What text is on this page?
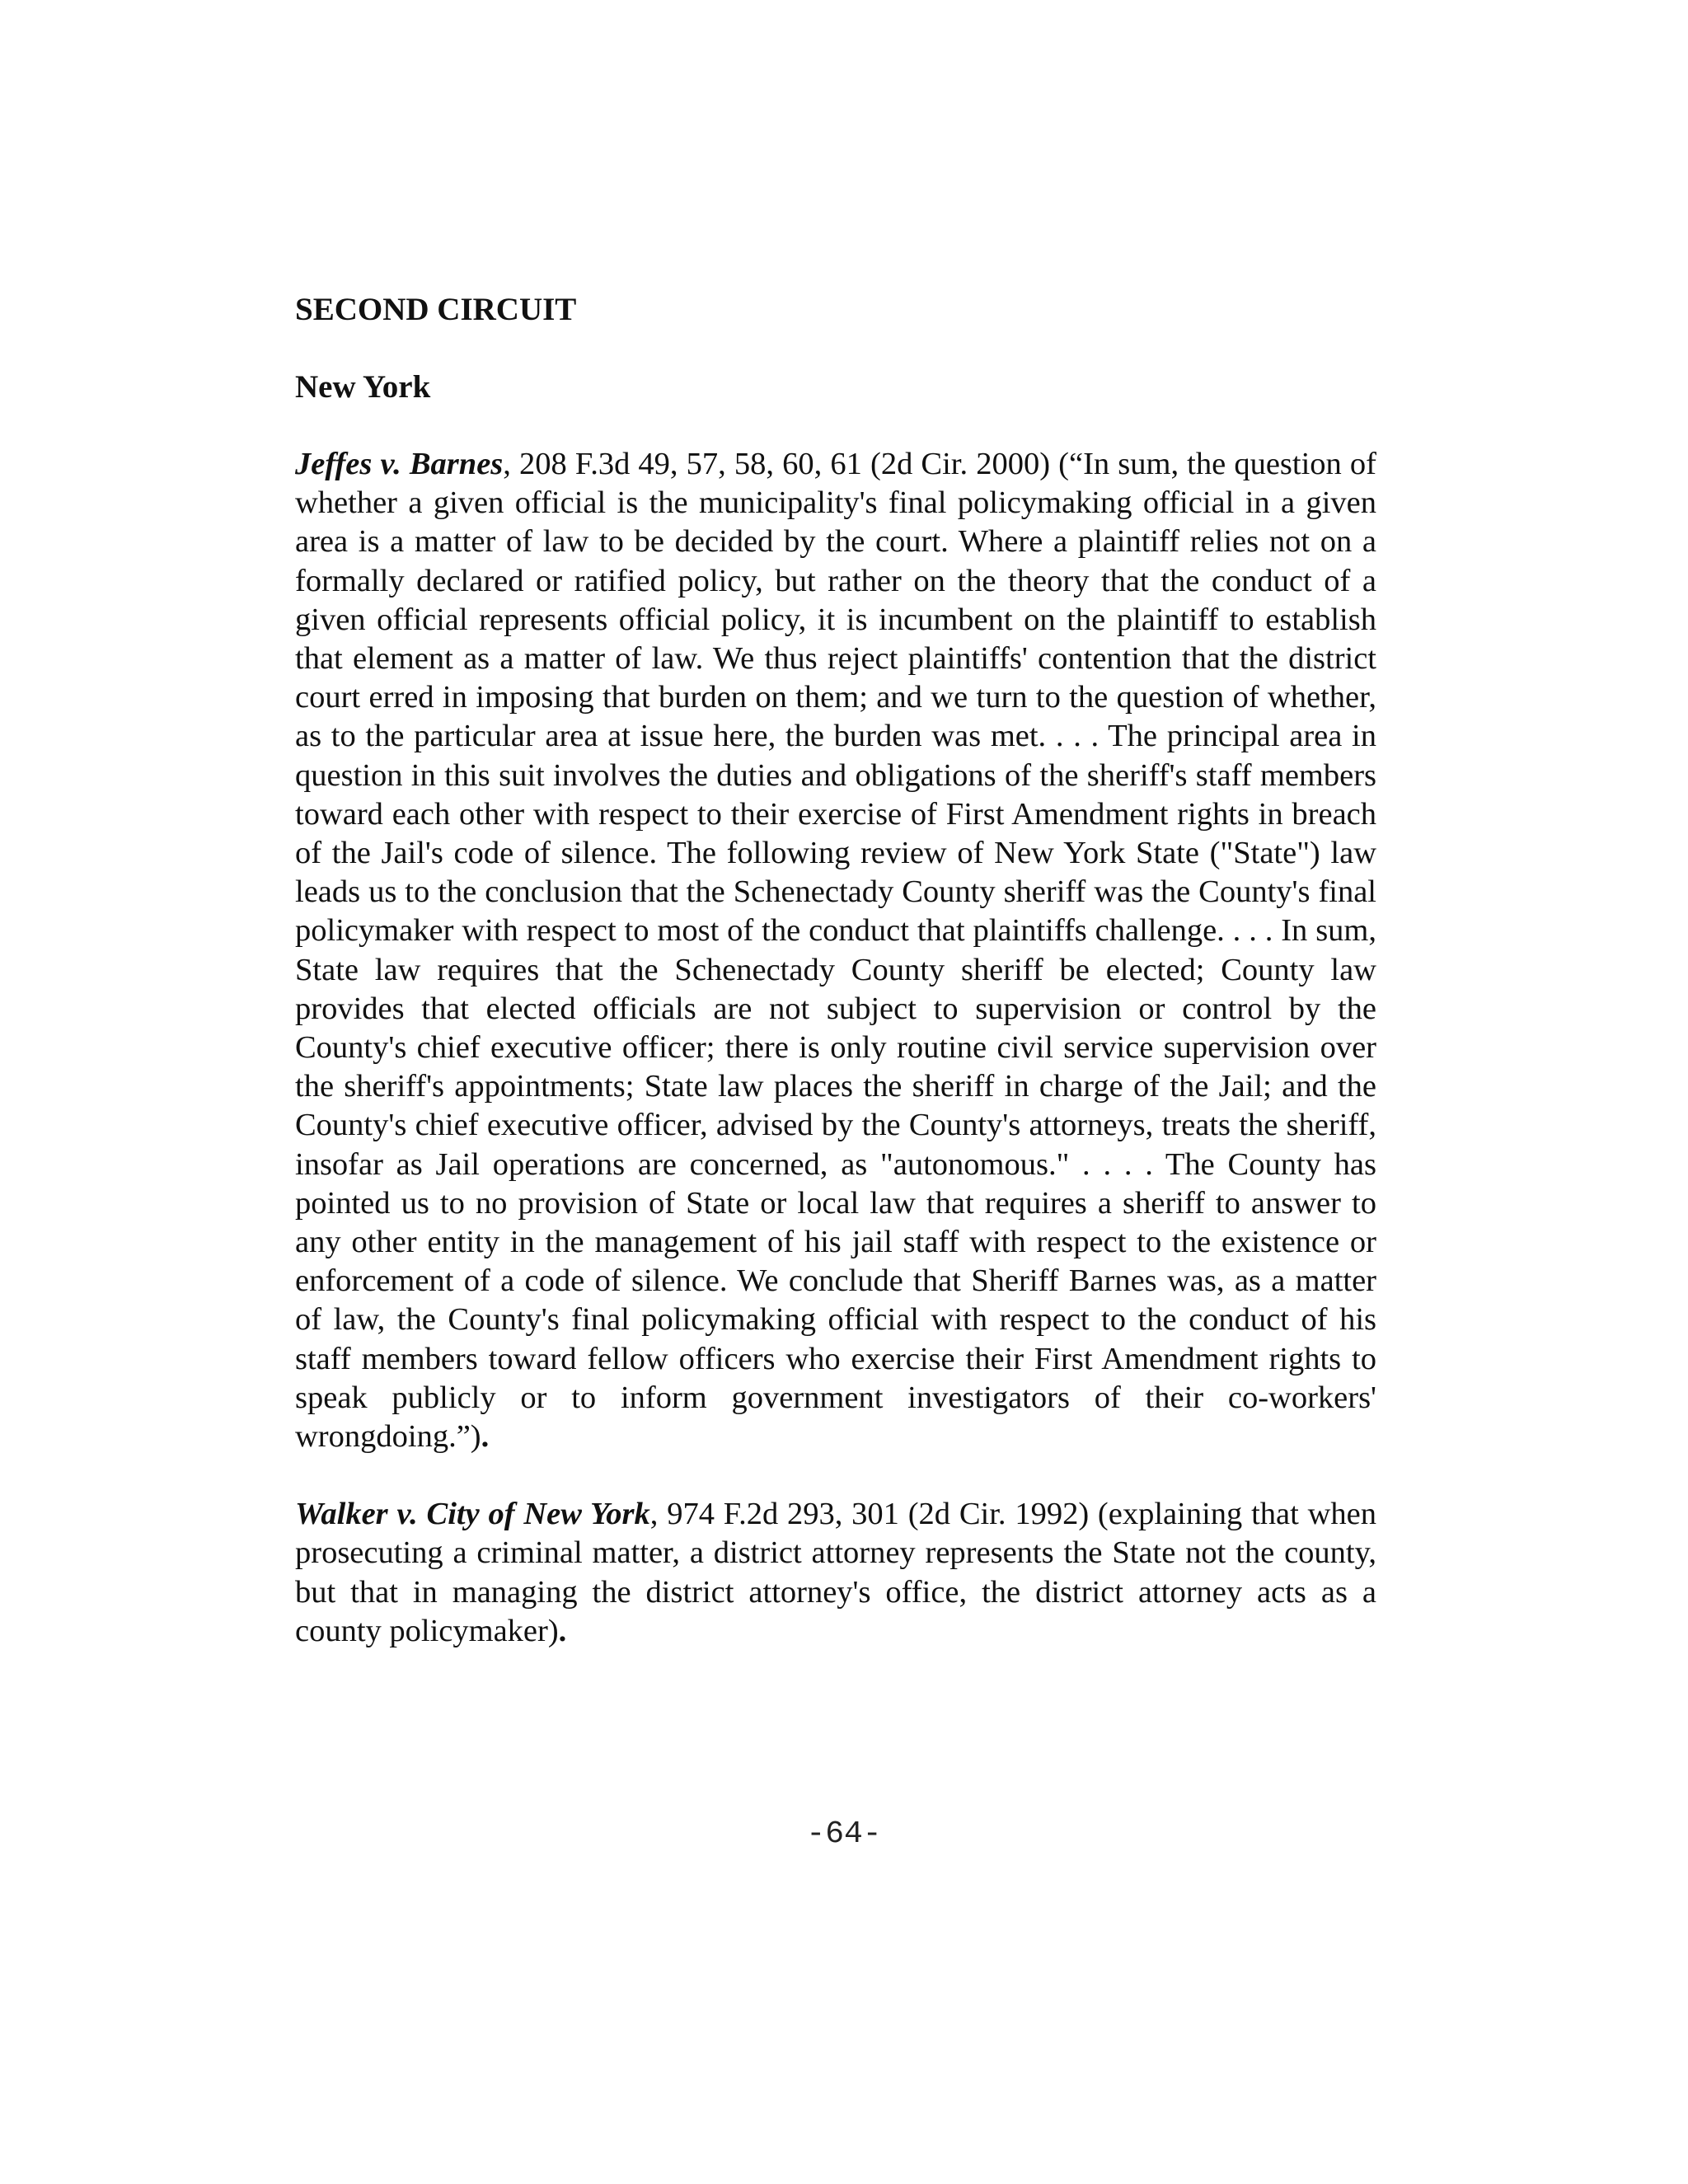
SECOND CIRCUIT

New York

Jeffes v. Barnes, 208 F.3d 49, 57, 58, 60, 61 (2d Cir. 2000) (“In sum, the question of whether a given official is the municipality's final policymaking official in a given area is a matter of law to be decided by the court. Where a plaintiff relies not on a formally declared or ratified policy, but rather on the theory that the conduct of a given official represents official policy, it is incumbent on the plaintiff to establish that element as a matter of law. We thus reject plaintiffs' contention that the district court erred in imposing that burden on them; and we turn to the question of whether, as to the particular area at issue here, the burden was met. . . . The principal area in question in this suit involves the duties and obligations of the sheriff's staff members toward each other with respect to their exercise of First Amendment rights in breach of the Jail's code of silence. The following review of New York State ("State") law leads us to the conclusion that the Schenectady County sheriff was the County's final policymaker with respect to most of the conduct that plaintiffs challenge. . . . In sum, State law requires that the Schenectady County sheriff be elected; County law provides that elected officials are not subject to supervision or control by the County's chief executive officer; there is only routine civil service supervision over the sheriff's appointments; State law places the sheriff in charge of the Jail; and the County's chief executive officer, advised by the County's attorneys, treats the sheriff, insofar as Jail operations are concerned, as "autonomous." . . . . The County has pointed us to no provision of State or local law that requires a sheriff to answer to any other entity in the management of his jail staff with respect to the existence or enforcement of a code of silence. We conclude that Sheriff Barnes was, as a matter of law, the County's final policymaking official with respect to the conduct of his staff members toward fellow officers who exercise their First Amendment rights to speak publicly or to inform government investigators of their co-workers' wrongdoing.”).

Walker v. City of New York, 974 F.2d 293, 301 (2d Cir. 1992) (explaining that when prosecuting a criminal matter, a district attorney represents the State not the county, but that in managing the district attorney's office, the district attorney acts as a county policymaker).

-64-
